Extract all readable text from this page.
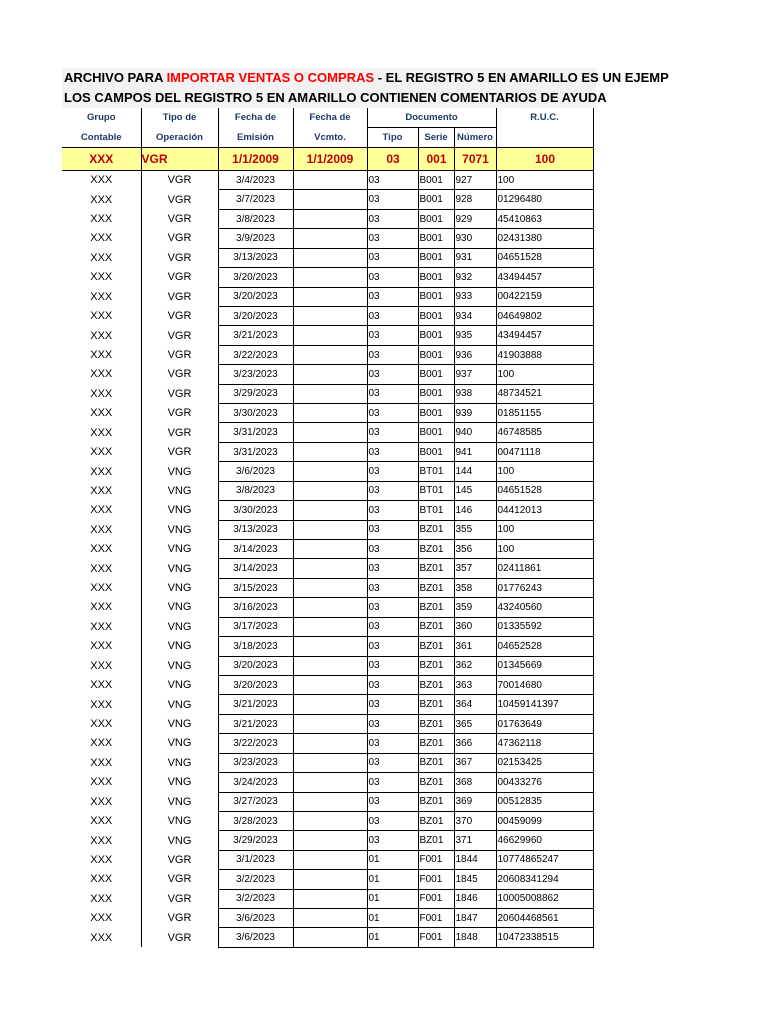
ARCHIVO PARA IMPORTAR VENTAS O COMPRAS - EL REGISTRO 5 EN AMARILLO ES UN EJEMP
LOS CAMPOS DEL REGISTRO 5 EN AMARILLO CONTIENEN COMENTARIOS DE AYUDA
Grupo	Tipo de	Fecha de	Fecha de	Documento			R.U.C.
Contable	Operación	Emisión	Vcmto.	Tipo	Serie	Número	
XXX	VGR	1/1/2009	1/1/2009	03	001	7071	100
XXX	VGR	3/4/2023		03	B001	927	100
XXX	VGR	3/7/2023		03	B001	928	01296480
XXX	VGR	3/8/2023		03	B001	929	45410863
XXX	VGR	3/9/2023		03	B001	930	02431380
XXX	VGR	3/13/2023		03	B001	931	04651528
XXX	VGR	3/20/2023		03	B001	932	43494457
XXX	VGR	3/20/2023		03	B001	933	00422159
XXX	VGR	3/20/2023		03	B001	934	04649802
XXX	VGR	3/21/2023		03	B001	935	43494457
XXX	VGR	3/22/2023		03	B001	936	41903888
XXX	VGR	3/23/2023		03	B001	937	100
XXX	VGR	3/29/2023		03	B001	938	48734521
XXX	VGR	3/30/2023		03	B001	939	01851155
XXX	VGR	3/31/2023		03	B001	940	46748585
XXX	VGR	3/31/2023		03	B001	941	00471118
XXX	VNG	3/6/2023		03	BT01	144	100
XXX	VNG	3/8/2023		03	BT01	145	04651528
XXX	VNG	3/30/2023		03	BT01	146	04412013
XXX	VNG	3/13/2023		03	BZ01	355	100
XXX	VNG	3/14/2023		03	BZ01	356	100
XXX	VNG	3/14/2023		03	BZ01	357	02411861
XXX	VNG	3/15/2023		03	BZ01	358	01776243
XXX	VNG	3/16/2023		03	BZ01	359	43240560
XXX	VNG	3/17/2023		03	BZ01	360	01335592
XXX	VNG	3/18/2023		03	BZ01	361	04652528
XXX	VNG	3/20/2023		03	BZ01	362	01345669
XXX	VNG	3/20/2023		03	BZ01	363	70014680
XXX	VNG	3/21/2023		03	BZ01	364	10459141397
XXX	VNG	3/21/2023		03	BZ01	365	01763649
XXX	VNG	3/22/2023		03	BZ01	366	47362118
XXX	VNG	3/23/2023		03	BZ01	367	02153425
XXX	VNG	3/24/2023		03	BZ01	368	00433276
XXX	VNG	3/27/2023		03	BZ01	369	00512835
XXX	VNG	3/28/2023		03	BZ01	370	00459099
XXX	VNG	3/29/2023		03	BZ01	371	46629960
XXX	VGR	3/1/2023		01	F001	1844	10774865247
XXX	VGR	3/2/2023		01	F001	1845	20608341294
XXX	VGR	3/2/2023		01	F001	1846	10005008862
XXX	VGR	3/6/2023		01	F001	1847	20604468561
XXX	VGR	3/6/2023		01	F001	1848	10472338515
